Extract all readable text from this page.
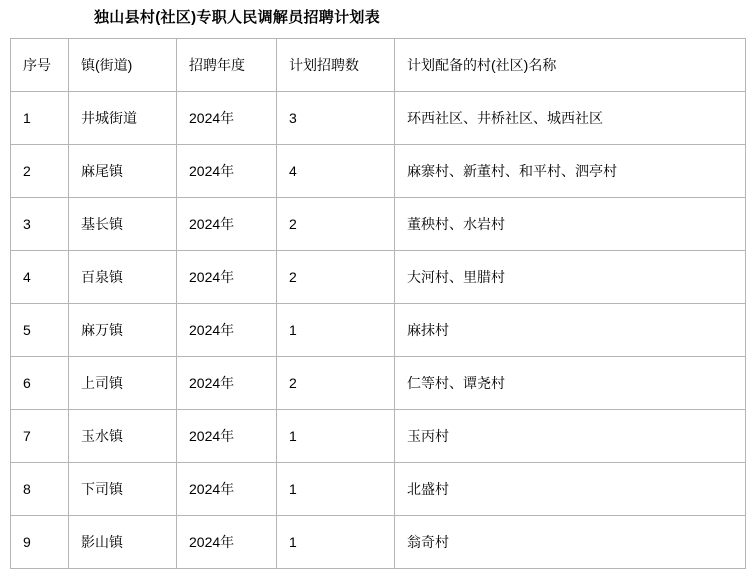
独山县村(社区)专职人民调解员招聘计划表
序号	镇(街道)	招聘年度	计划招聘数	计划配备的村(社区)名称
1	井城街道	2024年	3	环西社区、井桥社区、城西社区
2	麻尾镇	2024年	4	麻寨村、新董村、和平村、泗亭村
3	基长镇	2024年	2	董秧村、水岩村
4	百泉镇	2024年	2	大河村、里腊村
5	麻万镇	2024年	1	麻抹村
6	上司镇	2024年	2	仁等村、谭尧村
7	玉水镇	2024年	1	玉丙村
8	下司镇	2024年	1	北盛村
9	影山镇	2024年	1	翁奇村
